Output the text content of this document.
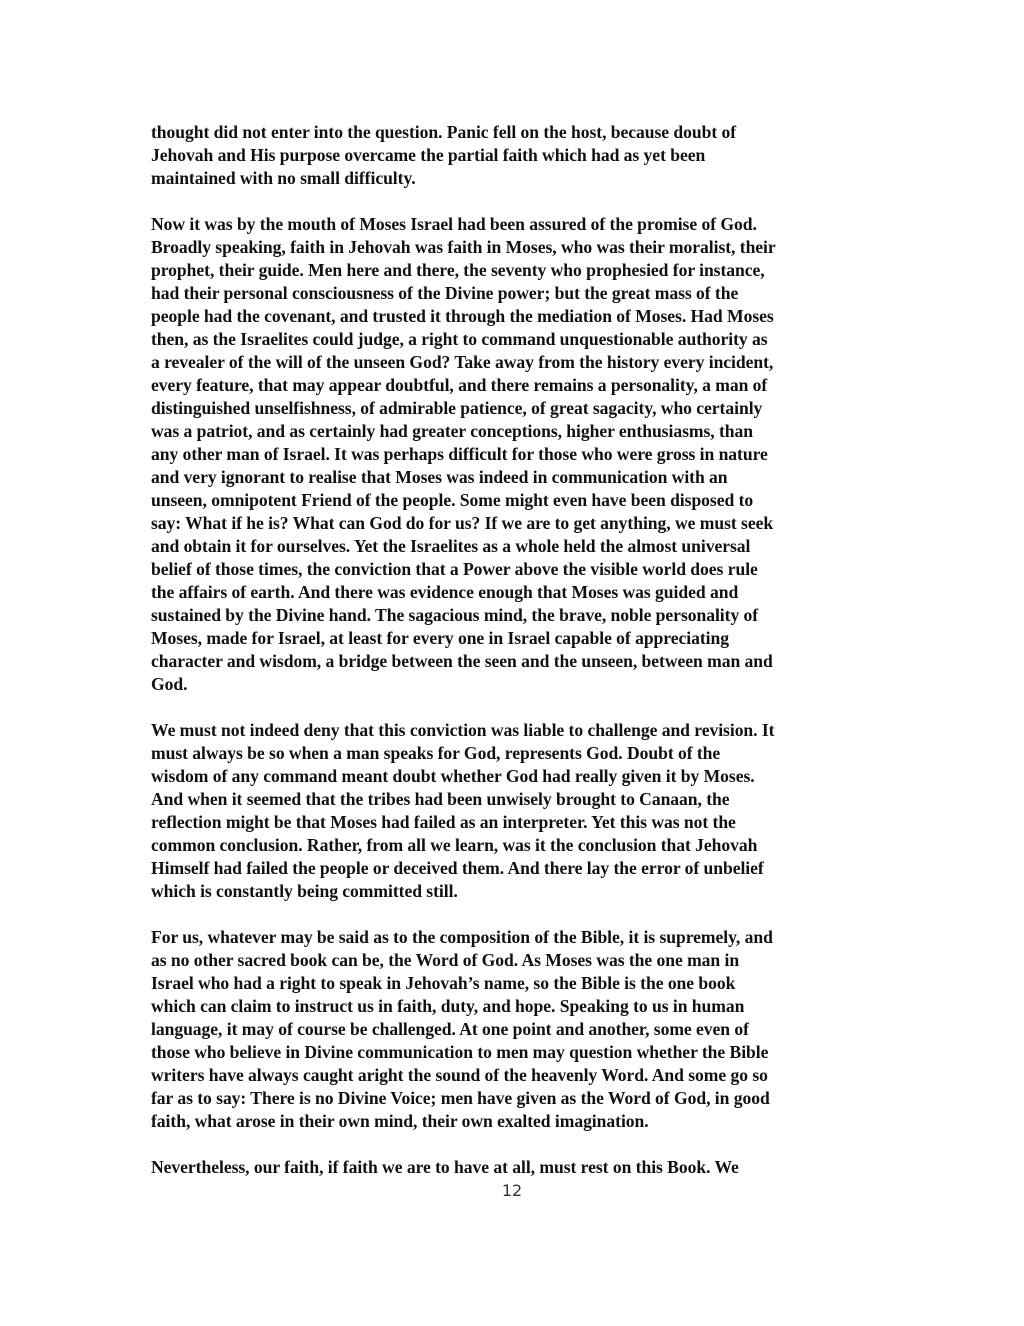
thought did not enter into the question. Panic fell on the host, because doubt of
Jehovah and His purpose overcame the partial faith which had as yet been
maintained with no small difficulty.

Now it was by the mouth of Moses Israel had been assured of the promise of God.
Broadly speaking, faith in Jehovah was faith in Moses, who was their moralist, their
prophet, their guide. Men here and there, the seventy who prophesied for instance,
had their personal consciousness of the Divine power; but the great mass of the
people had the covenant, and trusted it through the mediation of Moses. Had Moses
then, as the Israelites could judge, a right to command unquestionable authority as
a revealer of the will of the unseen God? Take away from the history every incident,
every feature, that may appear doubtful, and there remains a personality, a man of
distinguished unselfishness, of admirable patience, of great sagacity, who certainly
was a patriot, and as certainly had greater conceptions, higher enthusiasms, than
any other man of Israel. It was perhaps difficult for those who were gross in nature
and very ignorant to realise that Moses was indeed in communication with an
unseen, omnipotent Friend of the people. Some might even have been disposed to
say: What if he is? What can God do for us? If we are to get anything, we must seek
and obtain it for ourselves. Yet the Israelites as a whole held the almost universal
belief of those times, the conviction that a Power above the visible world does rule
the affairs of earth. And there was evidence enough that Moses was guided and
sustained by the Divine hand. The sagacious mind, the brave, noble personality of
Moses, made for Israel, at least for every one in Israel capable of appreciating
character and wisdom, a bridge between the seen and the unseen, between man and
God.

We must not indeed deny that this conviction was liable to challenge and revision. It
must always be so when a man speaks for God, represents God. Doubt of the
wisdom of any command meant doubt whether God had really given it by Moses.
And when it seemed that the tribes had been unwisely brought to Canaan, the
reflection might be that Moses had failed as an interpreter. Yet this was not the
common conclusion. Rather, from all we learn, was it the conclusion that Jehovah
Himself had failed the people or deceived them. And there lay the error of unbelief
which is constantly being committed still.

For us, whatever may be said as to the composition of the Bible, it is supremely, and
as no other sacred book can be, the Word of God. As Moses was the one man in
Israel who had a right to speak in Jehovah’s name, so the Bible is the one book
which can claim to instruct us in faith, duty, and hope. Speaking to us in human
language, it may of course be challenged. At one point and another, some even of
those who believe in Divine communication to men may question whether the Bible
writers have always caught aright the sound of the heavenly Word. And some go so
far as to say: There is no Divine Voice; men have given as the Word of God, in good
faith, what arose in their own mind, their own exalted imagination.

Nevertheless, our faith, if faith we are to have at all, must rest on this Book. We

12
